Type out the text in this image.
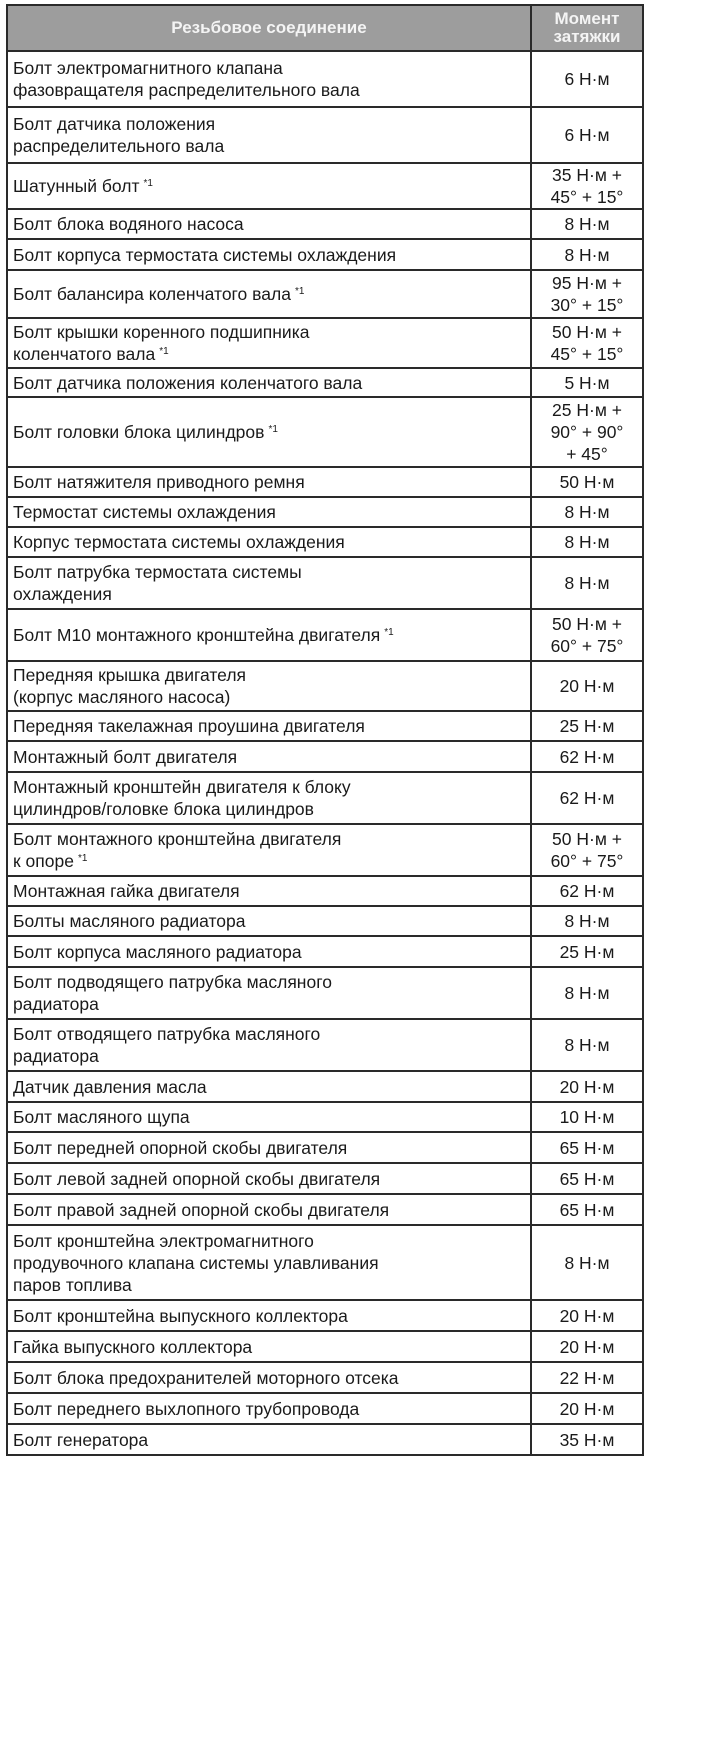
Резьбовое соединение	Момент
затяжки

Болт электромагнитного клапана
фазовращателя распределительного вала	6 Н·м
Болт датчика положения
распределительного вала	6 Н·м
Шатунный болт $^{*1}$	35 Н·м +
45° + 15°
Болт блока водяного насоса	8 Н·м
Болт корпуса термостата системы охлаждения	8 Н·м
Болт балансира коленчатого вала $^{*1}$	95 Н·м +
30° + 15°
Болт крышки коренного подшипника
коленчатого вала $^{*1}$	50 Н·м +
45° + 15°
Болт датчика положения коленчатого вала	5 Н·м
Болт головки блока цилиндров $^{*1}$	25 Н·м +
90° + 90°
+ 45°
Болт натяжителя приводного ремня	50 Н·м
Термостат системы охлаждения	8 Н·м
Корпус термостата системы охлаждения	8 Н·м
Болт патрубка термостата системы
охлаждения	8 Н·м
Болт М10 монтажного кронштейна двигателя $^{*1}$	50 Н·м +
60° + 75°
Передняя крышка двигателя
(корпус масляного насоса)	20 Н·м
Передняя такелажная проушина двигателя	25 Н·м
Монтажный болт двигателя	62 Н·м
Монтажный кронштейн двигателя к блоку
цилиндров/головке блока цилиндров	62 Н·м
Болт монтажного кронштейна двигателя
к опоре $^{*1}$	50 Н·м +
60° + 75°
Монтажная гайка двигателя	62 Н·м
Болты масляного радиатора	8 Н·м
Болт корпуса масляного радиатора	25 Н·м
Болт подводящего патрубка масляного
радиатора	8 Н·м
Болт отводящего патрубка масляного
радиатора	8 Н·м
Датчик давления масла	20 Н·м
Болт масляного щупа	10 Н·м
Болт передней опорной скобы двигателя	65 Н·м
Болт левой задней опорной скобы двигателя	65 Н·м
Болт правой задней опорной скобы двигателя	65 Н·м
Болт кронштейна электромагнитного
продувочного клапана системы улавливания
паров топлива	8 Н·м
Болт кронштейна выпускного коллектора	20 Н·м
Гайка выпускного коллектора	20 Н·м
Болт блока предохранителей моторного отсека	22 Н·м
Болт переднего выхлопного трубопровода	20 Н·м
Болт генератора	35 Н·м
